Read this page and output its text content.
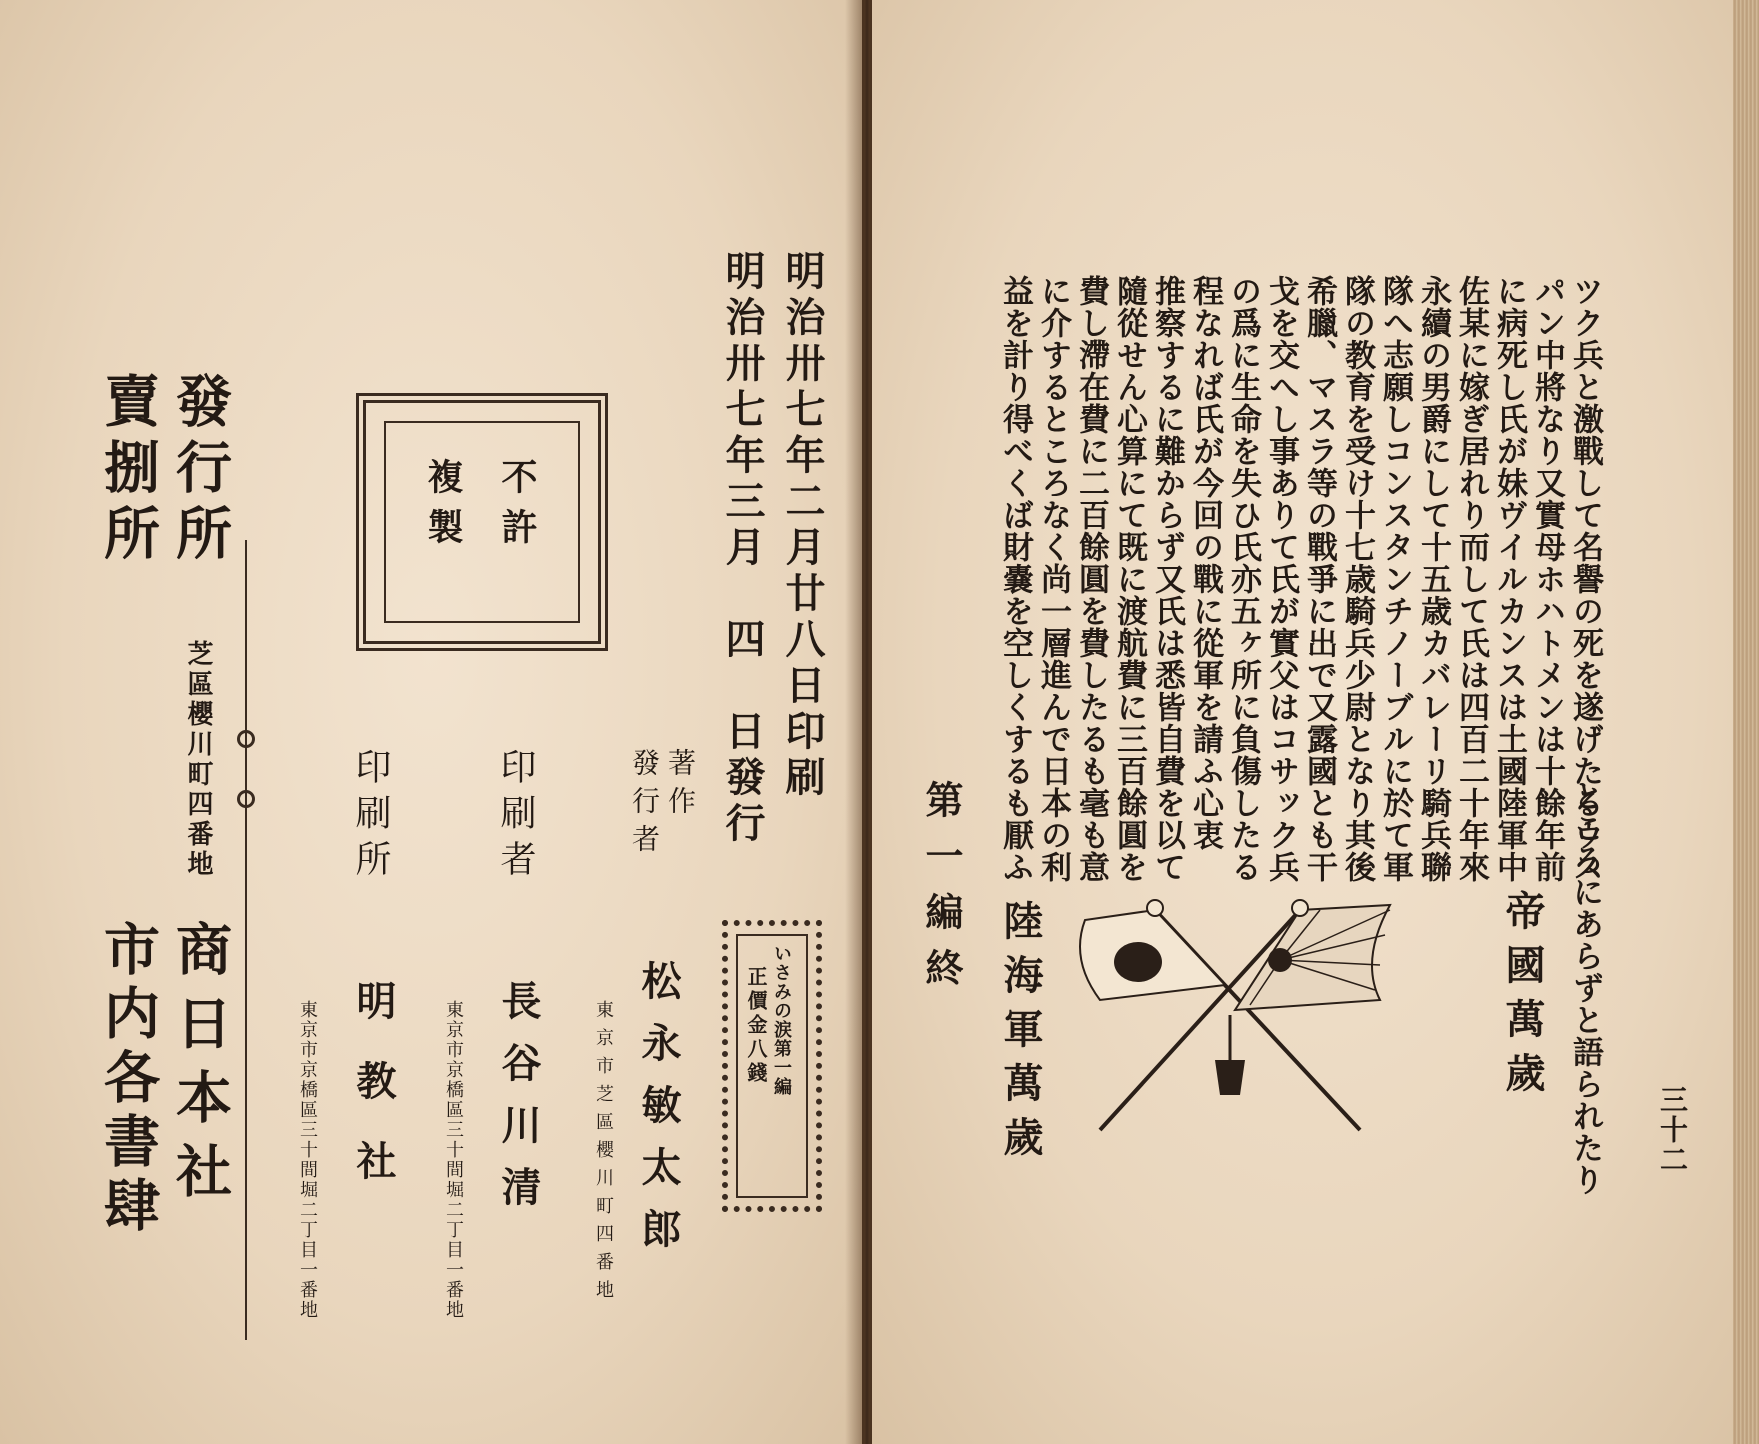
明治卅七年二月廿八日印刷
明治卅七年三月　四　日發行
不許
複製
著作
發行者
松永敏太郎
東京市芝區櫻川町四番地	いさみの涙第一編
正價金八錢
印刷者
長谷川清
東京市京橋區三十間堀二丁目一番地
印刷所
明教社
東京市京橋區三十間堀二丁目一番地
發行所
芝區櫻川町四番地
商日本社
賣捌所
市内各書肆
ツク兵と激戰して名譽の死を遂げたるウス
パン中將なり又實母ホハトメンは十餘年前
に病死し氏が妹ヴイルカンスは土國陸軍中
佐某に嫁ぎ居れり而して氏は四百二十年來
永續の男爵にして十五歳カバレーリ騎兵聯
隊へ志願しコンスタンチノーブルに於て軍
隊の教育を受け十七歳騎兵少尉となり其後
希臘、マスラ等の戰爭に出で又露國とも干
戈を交へし事ありて氏が實父はコサック兵
の爲に生命を失ひ氏亦五ヶ所に負傷したる
程なれば氏が今回の戰に從軍を請ふ心衷
推察するに難からず又氏は悉皆自費を以て
隨從せん心算にて既に渡航費に三百餘圓を
費し滯在費に二百餘圓を費したるも毫も意
に介するところなく尚一層進んで日本の利
益を計り得べくば財嚢を空しくするも厭ふ
ところにあらずと語られたり
帝國萬歲
陸海軍萬歲
第一編終
三十二
